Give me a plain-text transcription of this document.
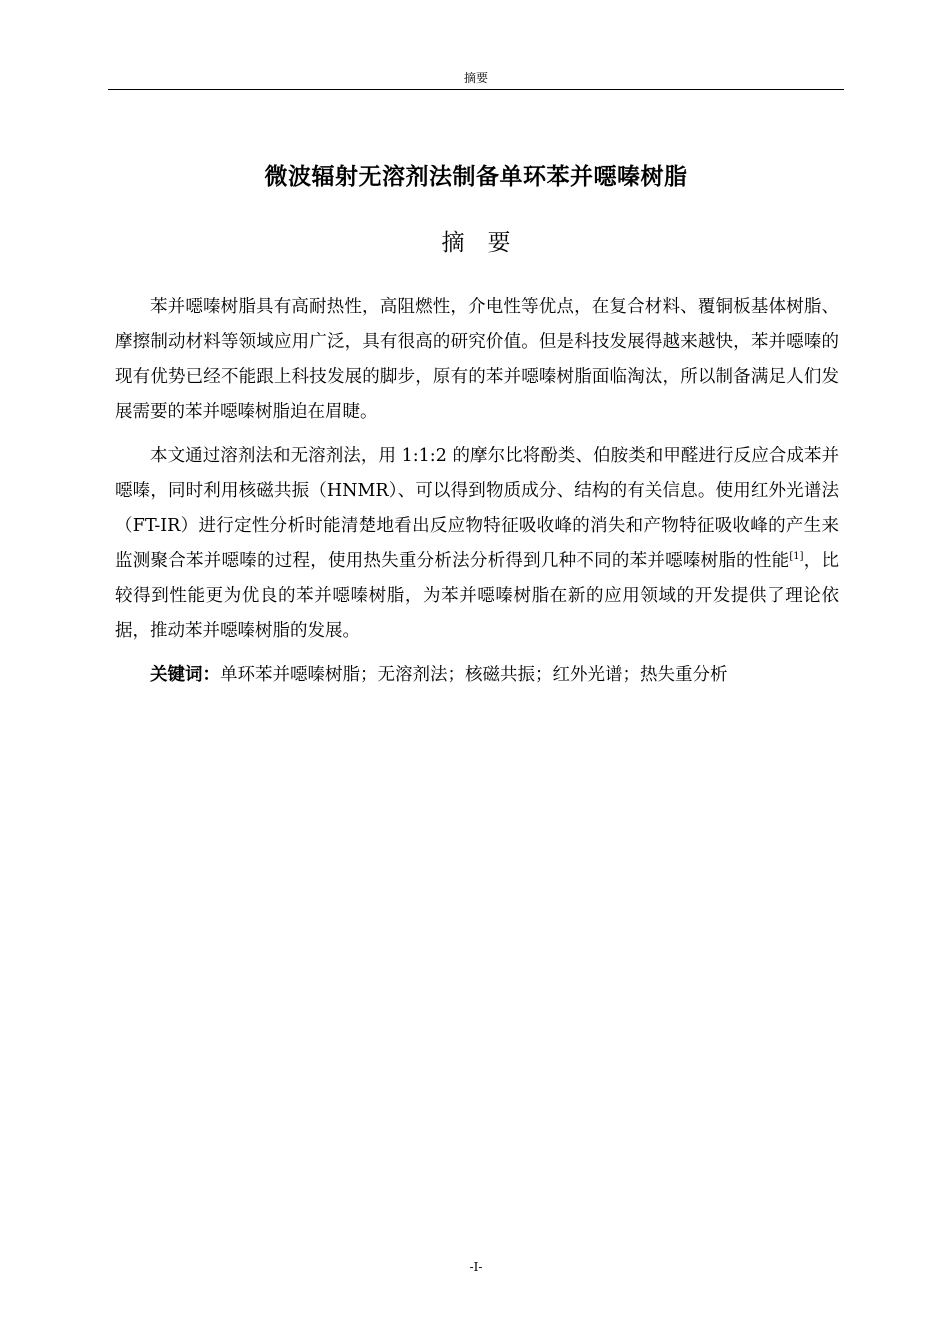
摘要
微波辐射无溶剂法制备单环苯并噁嗪树脂
摘　要

苯并噁嗪树脂具有高耐热性，高阻燃性，介电性等优点，在复合材料、覆铜板基体树脂、摩擦制动材料等领域应用广泛，具有很高的研究价值。但是科技发展得越来越快，苯并噁嗪的现有优势已经不能跟上科技发展的脚步，原有的苯并噁嗪树脂面临淘汰，所以制备满足人们发展需要的苯并噁嗪树脂迫在眉睫。

本文通过溶剂法和无溶剂法，用 1:1:2 的摩尔比将酚类、伯胺类和甲醛进行反应合成苯并噁嗪，同时利用核磁共振（HNMR）、可以得到物质成分、结构的有关信息。使用红外光谱法（FT-IR）进行定性分析时能清楚地看出反应物特征吸收峰的消失和产物特征吸收峰的产生来监测聚合苯并噁嗪的过程，使用热失重分析法分析得到几种不同的苯并噁嗪树脂的性能[1]，比较得到性能更为优良的苯并噁嗪树脂，为苯并噁嗪树脂在新的应用领域的开发提供了理论依据，推动苯并噁嗪树脂的发展。

关键词：单环苯并噁嗪树脂；无溶剂法；核磁共振；红外光谱；热失重分析

-I-
